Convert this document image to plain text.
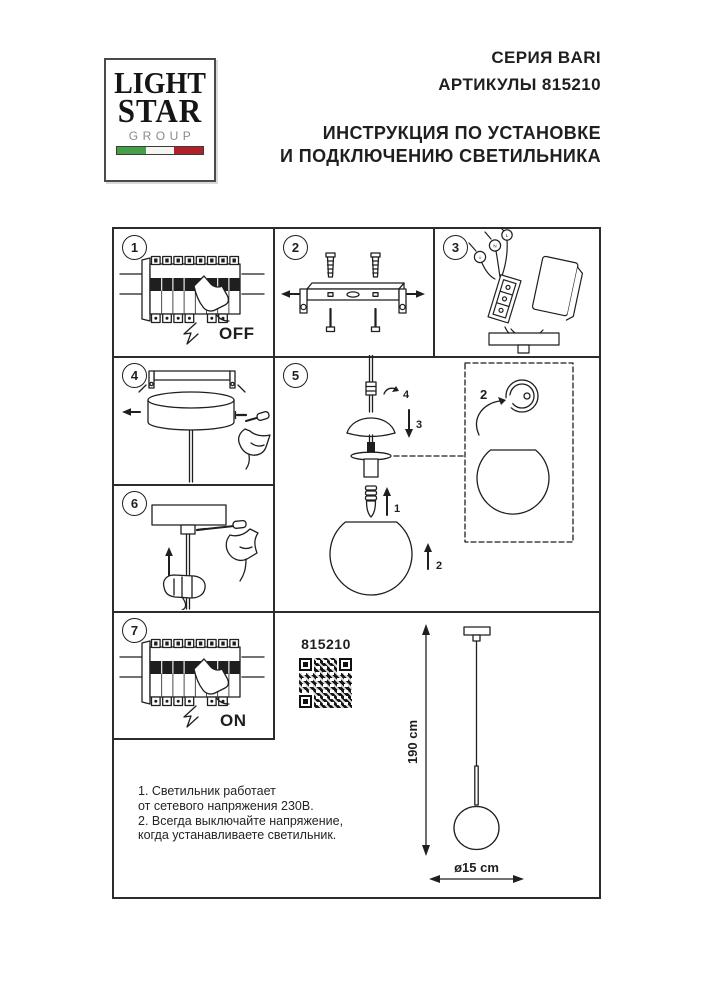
LIGHT
STAR
GROUP
СЕРИЯ BARI
АРТИКУЛЫ 815210
ИНСТРУКЦИЯ ПО УСТАНОВКЕ
И ПОДКЛЮЧЕНИЮ СВЕТИЛЬНИКА
1
OFF
2	3
⏚
N
L
4	5
4
3
1
2
2
6
7
ON
815210
1. Светильник работает
от сетевого напряжения 230В.
2. Всегда выключайте напряжение,
когда устанавливаете светильник.
190 cm
ø15 cm
